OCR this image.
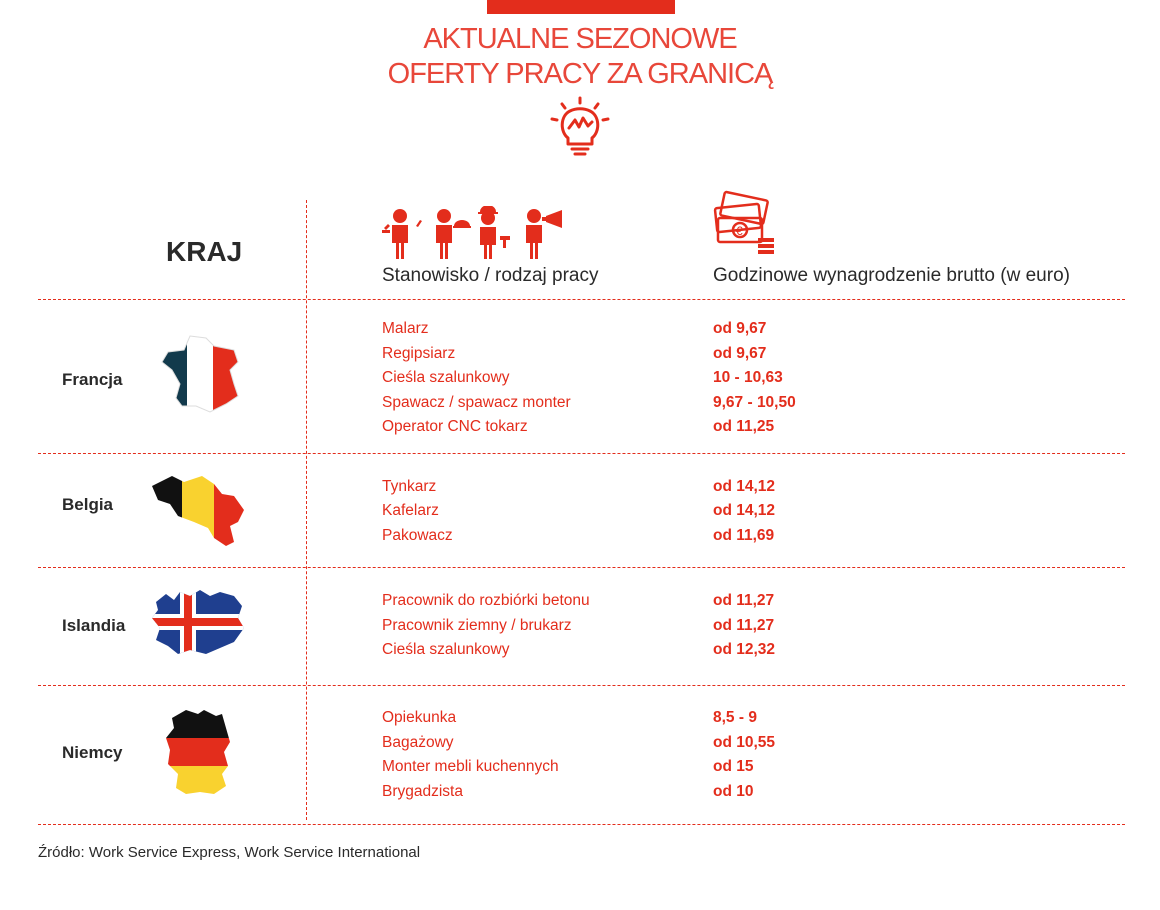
AKTUALNE SEZONOWE
OFERTY PRACY ZA GRANICĄ
KRAJ
Stanowisko / rodzaj pracy
€
Godzinowe wynagrodzenie brutto (w euro)
Francja
Malarz	od 9,67
Regipsiarz	od 9,67
Cieśla szalunkowy	10 - 10,63
Spawacz / spawacz monter	9,67 - 10,50
Operator CNC tokarz	od 11,25
Belgia
Tynkarz	od 14,12
Kafelarz	od 14,12
Pakowacz	od 11,69
Islandia
Pracownik do rozbiórki betonu	od 11,27
Pracownik ziemny / brukarz	od 11,27
Cieśla szalunkowy	od 12,32
Niemcy
Opiekunka	8,5 - 9
Bagażowy	od 10,55
Monter mebli kuchennych	od 15
Brygadzista	od 10
Źródło: Work Service Express, Work Service International
